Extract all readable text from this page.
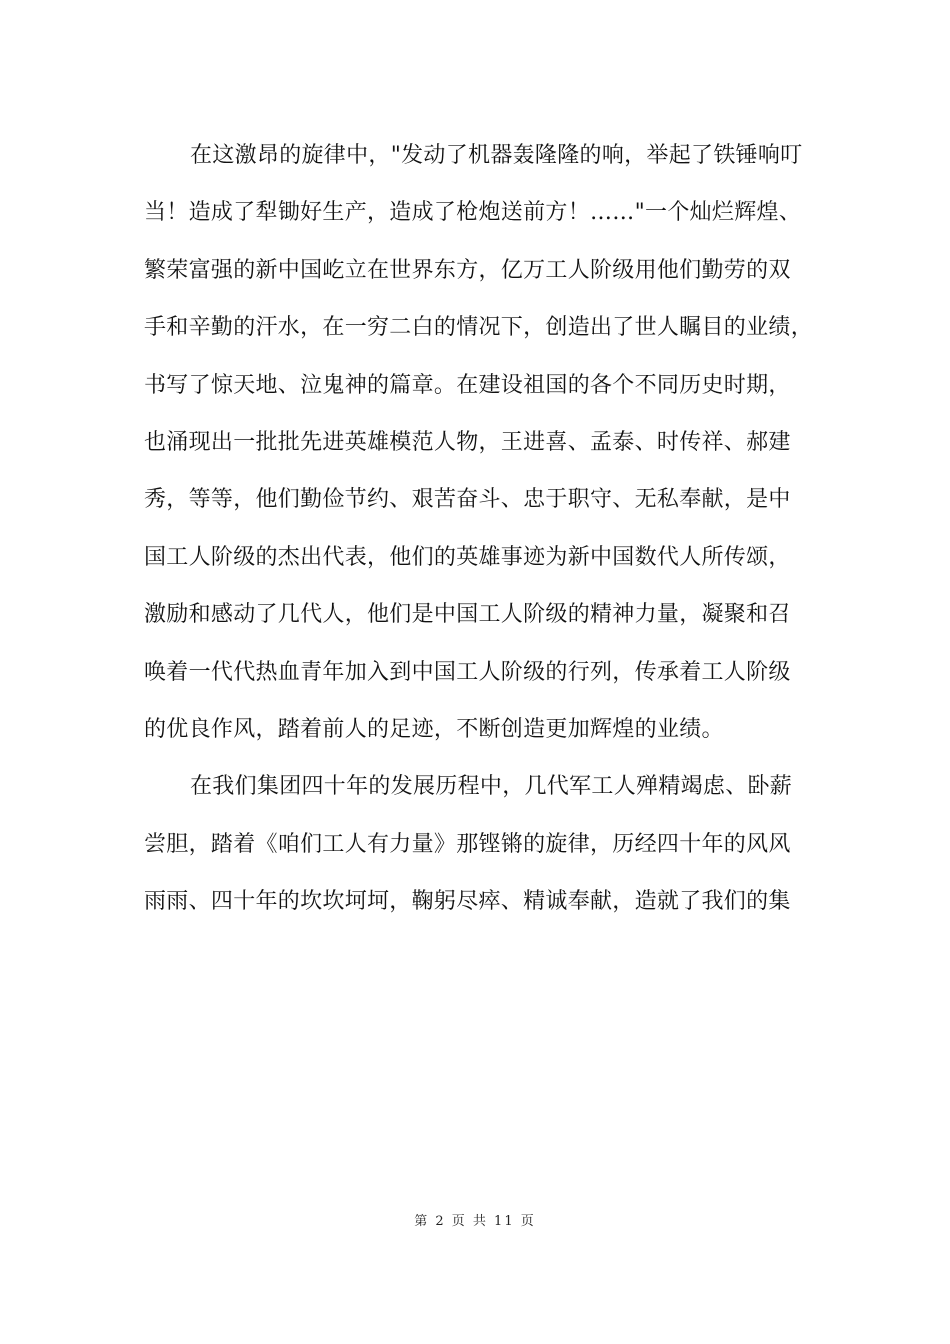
在这激昂的旋律中，"发动了机器轰隆隆的响，举起了铁锤响叮
当！造成了犁锄好生产，造成了枪炮送前方！……"一个灿烂辉煌、
繁荣富强的新中国屹立在世界东方，亿万工人阶级用他们勤劳的双
手和辛勤的汗水，在一穷二白的情况下，创造出了世人瞩目的业绩，
书写了惊天地、泣鬼神的篇章。在建设祖国的各个不同历史时期，
也涌现出一批批先进英雄模范人物，王进喜、孟泰、时传祥、郝建
秀，等等，他们勤俭节约、艰苦奋斗、忠于职守、无私奉献，是中
国工人阶级的杰出代表，他们的英雄事迹为新中国数代人所传颂，
激励和感动了几代人，他们是中国工人阶级的精神力量，凝聚和召
唤着一代代热血青年加入到中国工人阶级的行列，传承着工人阶级
的优良作风，踏着前人的足迹，不断创造更加辉煌的业绩。
在我们集团四十年的发展历程中，几代军工人殚精竭虑、卧薪
尝胆，踏着《咱们工人有力量》那铿锵的旋律，历经四十年的风风
雨雨、四十年的坎坎坷坷，鞠躬尽瘁、精诚奉献，造就了我们的集
第 2 页 共 11 页
